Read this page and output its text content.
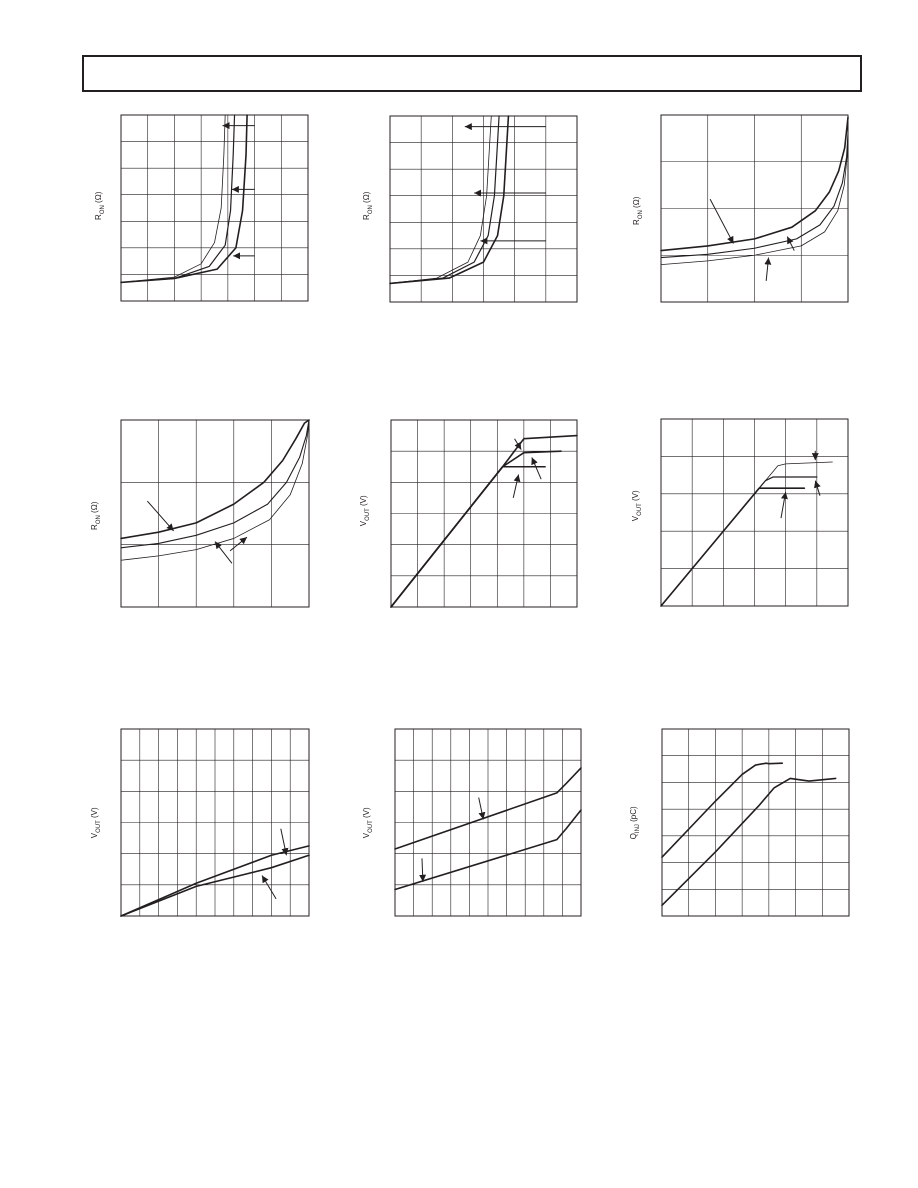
$R_{ON}$ (Ω)
$R_{ON}$ (Ω)
$R_{ON}$ (Ω)
$R_{ON}$ (Ω)
$V_{OUT}$ (V)
$V_{OUT}$ (V)
$V_{OUT}$ (V)
$V_{OUT}$ (V)
$Q_{INJ}$ (pC)
